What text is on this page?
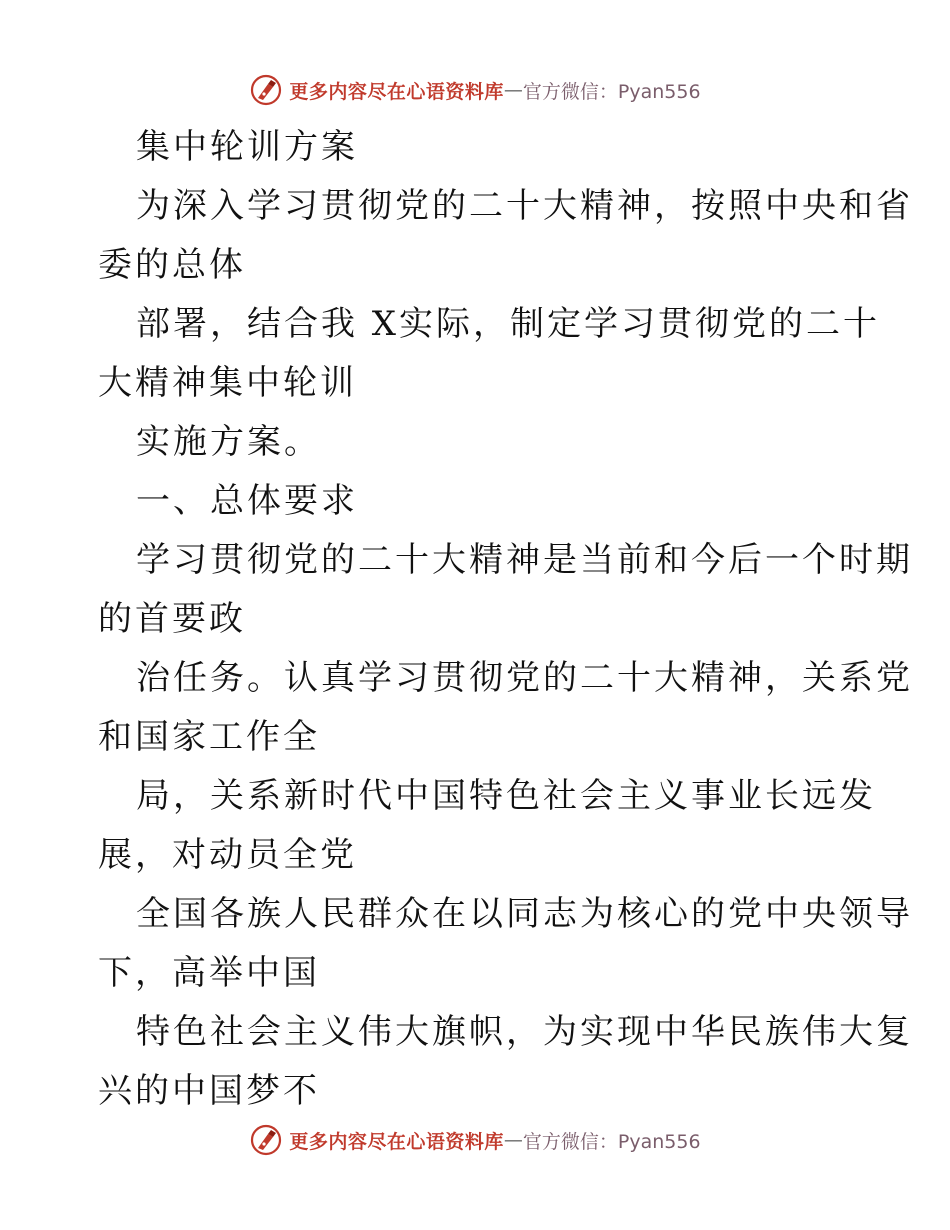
更多内容尽在心语资料库 — 官方微信：Pyan556
集中轮训方案
为深入学习贯彻党的二十大精神，按照中央和省
委的总体
部署，结合我 X实际，制定学习贯彻党的二十
大精神集中轮训
实施方案。
一、总体要求
学习贯彻党的二十大精神是当前和今后一个时期
的首要政
治任务。认真学习贯彻党的二十大精神，关系党
和国家工作全
局，关系新时代中国特色社会主义事业长远发
展，对动员全党
全国各族人民群众在以同志为核心的党中央领导
下，高举中国
特色社会主义伟大旗帜，为实现中华民族伟大复
兴的中国梦不
更多内容尽在心语资料库 — 官方微信：Pyan556
